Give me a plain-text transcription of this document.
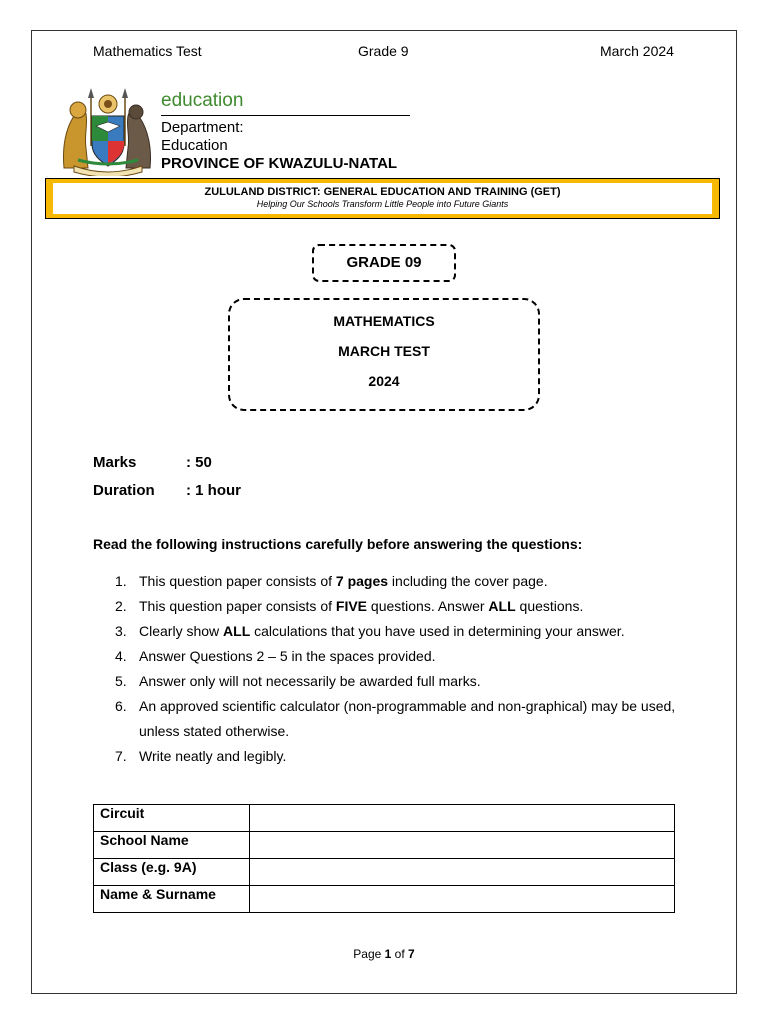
Mathematics Test	Grade 9	March 2024
education
Department:
Education
PROVINCE OF KWAZULU-NATAL
ZULULAND DISTRICT: GENERAL EDUCATION AND TRAINING (GET)
Helping Our Schools Transform Little People into Future Giants
GRADE 09
MATHEMATICS
MARCH TEST
2024
Marks	: 50
Duration : 1 hour
Read the following instructions carefully before answering the questions:
1. This question paper consists of 7 pages including the cover page.
2. This question paper consists of FIVE questions. Answer ALL questions.
3. Clearly show ALL calculations that you have used in determining your answer.
4. Answer Questions 2 – 5 in the spaces provided.
5. Answer only will not necessarily be awarded full marks.
6. An approved scientific calculator (non-programmable and non-graphical) may be used, unless stated otherwise.
7. Write neatly and legibly.
Circuit	
School Name	
Class (e.g. 9A)	
Name & Surname	
Page 1 of 7
